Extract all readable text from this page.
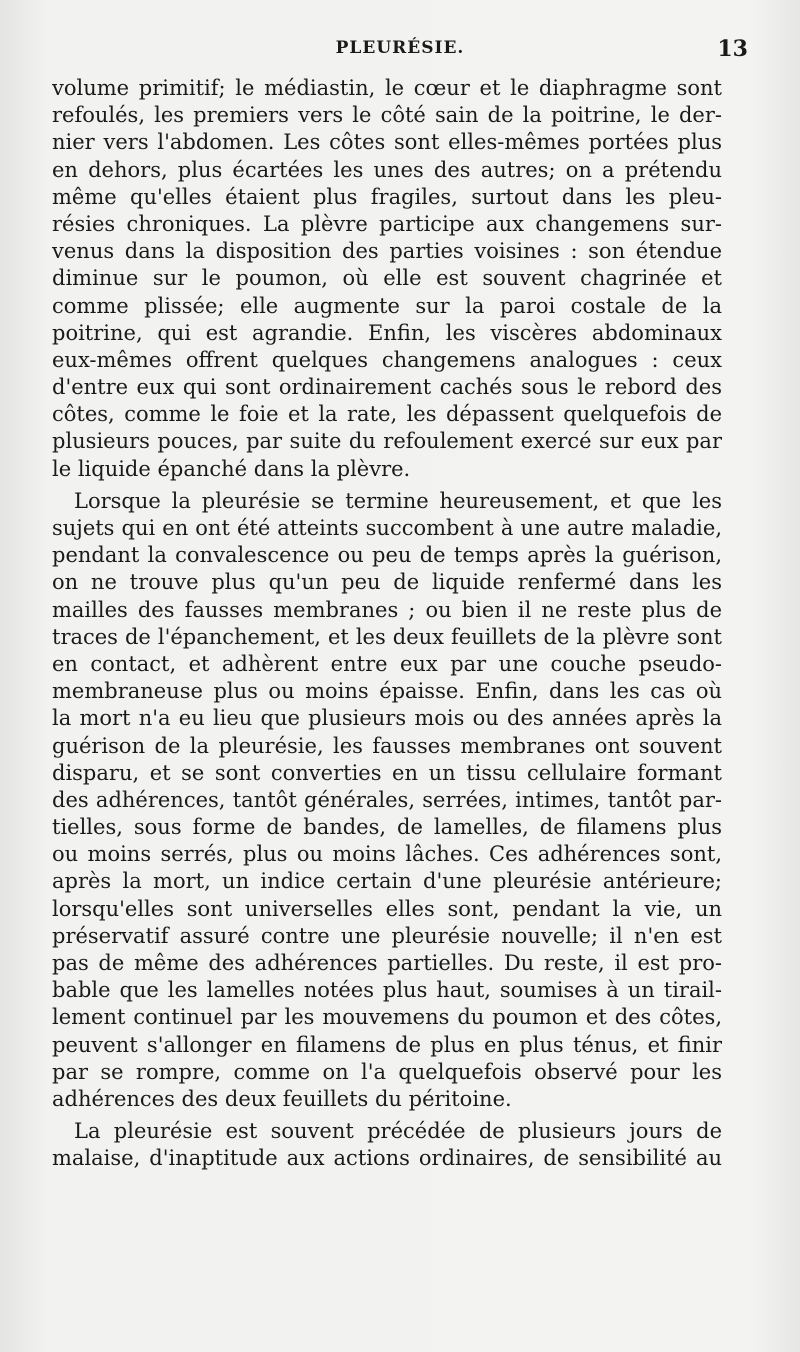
PLEURÉSIE.	13
volume primitif; le médiastin, le cœur et le diaphragme sont
refoulés, les premiers vers le côté sain de la poitrine, le der-
nier vers l'abdomen. Les côtes sont elles-mêmes portées plus
en dehors, plus écartées les unes des autres; on a prétendu
même qu'elles étaient plus fragiles, surtout dans les pleu-
résies chroniques. La plèvre participe aux changemens sur-
venus dans la disposition des parties voisines : son étendue
diminue sur le poumon, où elle est souvent chagrinée et
comme plissée; elle augmente sur la paroi costale de la
poitrine, qui est agrandie. Enfin, les viscères abdominaux
eux-mêmes offrent quelques changemens analogues : ceux
d'entre eux qui sont ordinairement cachés sous le rebord des
côtes, comme le foie et la rate, les dépassent quelquefois de
plusieurs pouces, par suite du refoulement exercé sur eux par
le liquide épanché dans la plèvre.
Lorsque la pleurésie se termine heureusement, et que les
sujets qui en ont été atteints succombent à une autre maladie,
pendant la convalescence ou peu de temps après la guérison,
on ne trouve plus qu'un peu de liquide renfermé dans les
mailles des fausses membranes ; ou bien il ne reste plus de
traces de l'épanchement, et les deux feuillets de la plèvre sont
en contact, et adhèrent entre eux par une couche pseudo-
membraneuse plus ou moins épaisse. Enfin, dans les cas où
la mort n'a eu lieu que plusieurs mois ou des années après la
guérison de la pleurésie, les fausses membranes ont souvent
disparu, et se sont converties en un tissu cellulaire formant
des adhérences, tantôt générales, serrées, intimes, tantôt par-
tielles, sous forme de bandes, de lamelles, de filamens plus
ou moins serrés, plus ou moins lâches. Ces adhérences sont,
après la mort, un indice certain d'une pleurésie antérieure;
lorsqu'elles sont universelles elles sont, pendant la vie, un
préservatif assuré contre une pleurésie nouvelle; il n'en est
pas de même des adhérences partielles. Du reste, il est pro-
bable que les lamelles notées plus haut, soumises à un tirail-
lement continuel par les mouvemens du poumon et des côtes,
peuvent s'allonger en filamens de plus en plus ténus, et finir
par se rompre, comme on l'a quelquefois observé pour les
adhérences des deux feuillets du péritoine.
La pleurésie est souvent précédée de plusieurs jours de
malaise, d'inaptitude aux actions ordinaires, de sensibilité au
